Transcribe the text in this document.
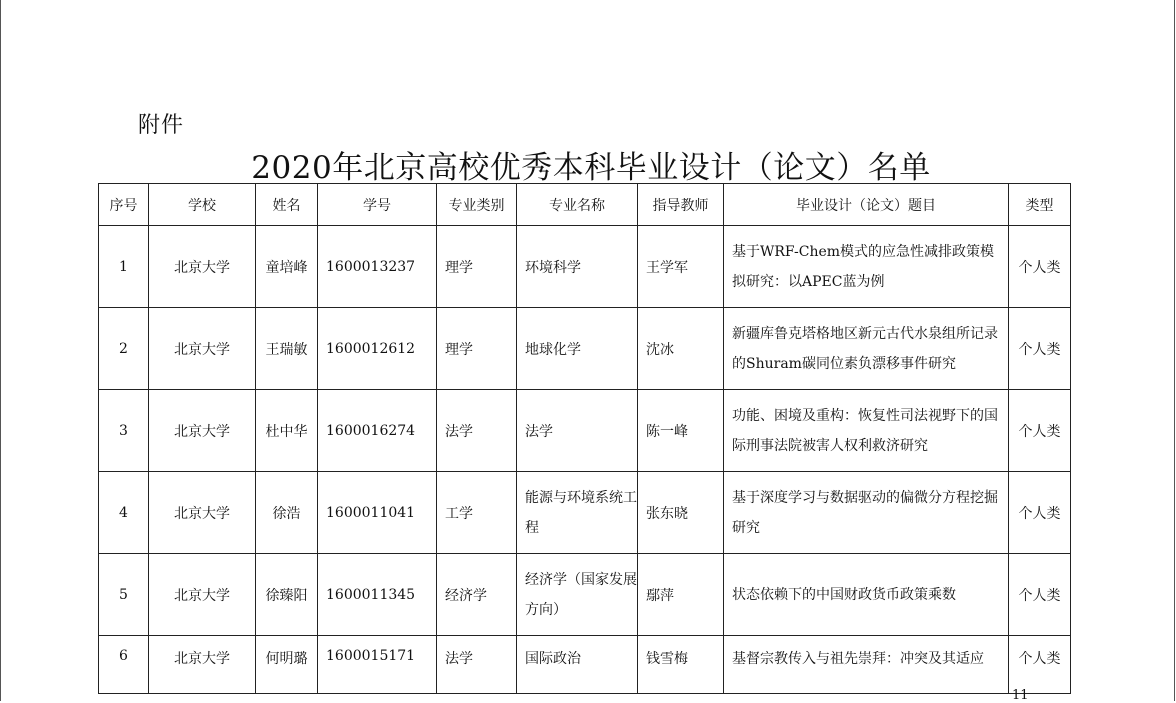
附件
2020年北京高校优秀本科毕业设计（论文）名单
序号	学校	姓名	学号	专业类别	专业名称	指导教师	毕业设计（论文）题目	类型
1	北京大学	童培峰	1600013237	理学	环境科学	王学军	基于WRF-Chem模式的应急性减排政策模拟研究：以APEC蓝为例	个人类
2	北京大学	王瑞敏	1600012612	理学	地球化学	沈冰	新疆库鲁克塔格地区新元古代水泉组所记录的Shuram碳同位素负漂移事件研究	个人类
3	北京大学	杜中华	1600016274	法学	法学	陈一峰	功能、困境及重构：恢复性司法视野下的国际刑事法院被害人权利救济研究	个人类
4	北京大学	徐浩	1600011041	工学	能源与环境系统工程	张东晓	基于深度学习与数据驱动的偏微分方程挖掘研究	个人类
5	北京大学	徐臻阳	1600011345	经济学	经济学（国家发展方向）	鄢萍	状态依赖下的中国财政货币政策乘数	个人类
6	北京大学	何明璐	1600015171	法学	国际政治	钱雪梅	基督宗教传入与祖先崇拜：冲突及其适应	个人类
11
